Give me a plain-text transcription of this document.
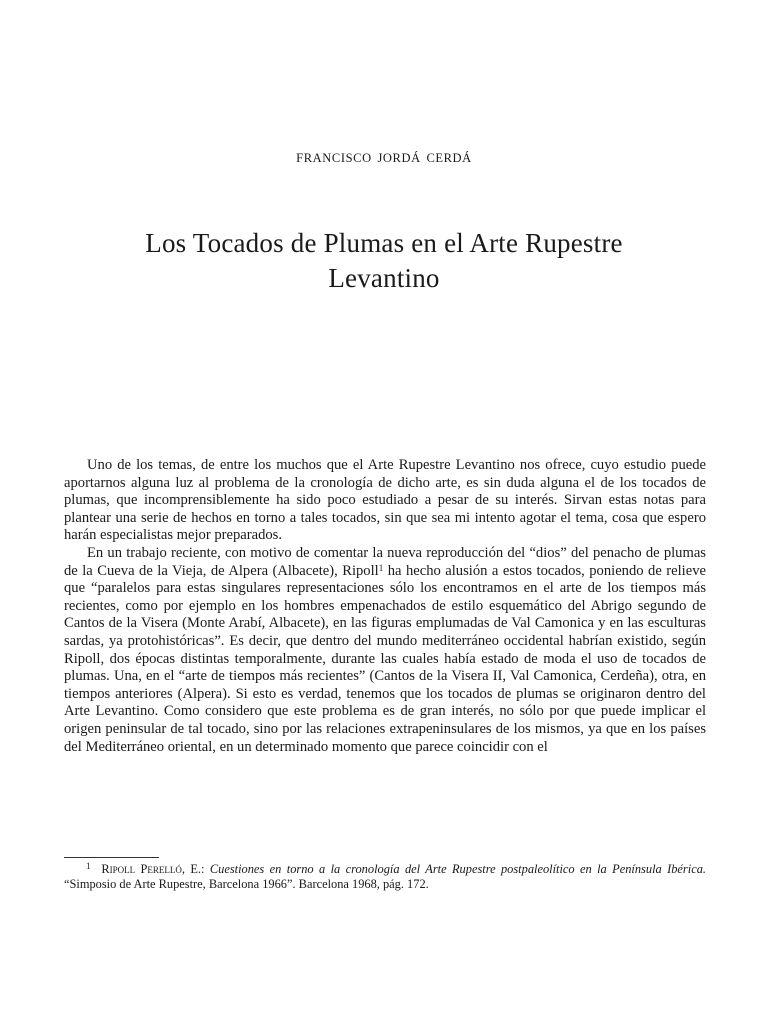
FRANCISCO JORDÁ CERDÁ
Los Tocados de Plumas en el Arte Rupestre
Levantino

Uno de los temas, de entre los muchos que el Arte Rupestre Levantino nos ofrece, cuyo estudio puede aportarnos alguna luz al problema de la cronología de dicho arte, es sin duda alguna el de los tocados de plumas, que incomprensiblemente ha sido poco estudiado a pesar de su interés. Sirvan estas notas para plantear una serie de hechos en torno a tales tocados, sin que sea mi intento agotar el tema, cosa que espero harán especialistas mejor preparados.

En un trabajo reciente, con motivo de comentar la nueva reproducción del “dios” del penacho de plumas de la Cueva de la Vieja, de Alpera (Albacete), Ripoll$^1$ ha hecho alusión a estos tocados, poniendo de relieve que “paralelos para estas singulares representaciones sólo los encontramos en el arte de los tiempos más recientes, como por ejemplo en los hombres empenachados de estilo esquemático del Abrigo segundo de Cantos de la Visera (Monte Arabí, Albacete), en las figuras emplumadas de Val Camonica y en las esculturas sardas, ya protohistóricas”. Es decir, que dentro del mundo mediterráneo occidental habrían existido, según Ripoll, dos épocas distintas temporalmente, durante las cuales había estado de moda el uso de tocados de plumas. Una, en el “arte de tiempos más recientes” (Cantos de la Visera II, Val Camonica, Cerdeña), otra, en tiempos anteriores (Alpera). Si esto es verdad, tenemos que los tocados de plumas se originaron dentro del Arte Levantino. Como considero que este problema es de gran interés, no sólo por que puede implicar el origen peninsular de tal tocado, sino por las relaciones extrapeninsulares de los mismos, ya que en los países del Mediterráneo oriental, en un determinado momento que parece coincidir con el

$^1$ Ripoll Perelló, E.: Cuestiones en torno a la cronología del Arte Rupestre postpaleolítico en la Península Ibérica. “Simposio de Arte Rupestre, Barcelona 1966”. Barcelona 1968, pág. 172.
